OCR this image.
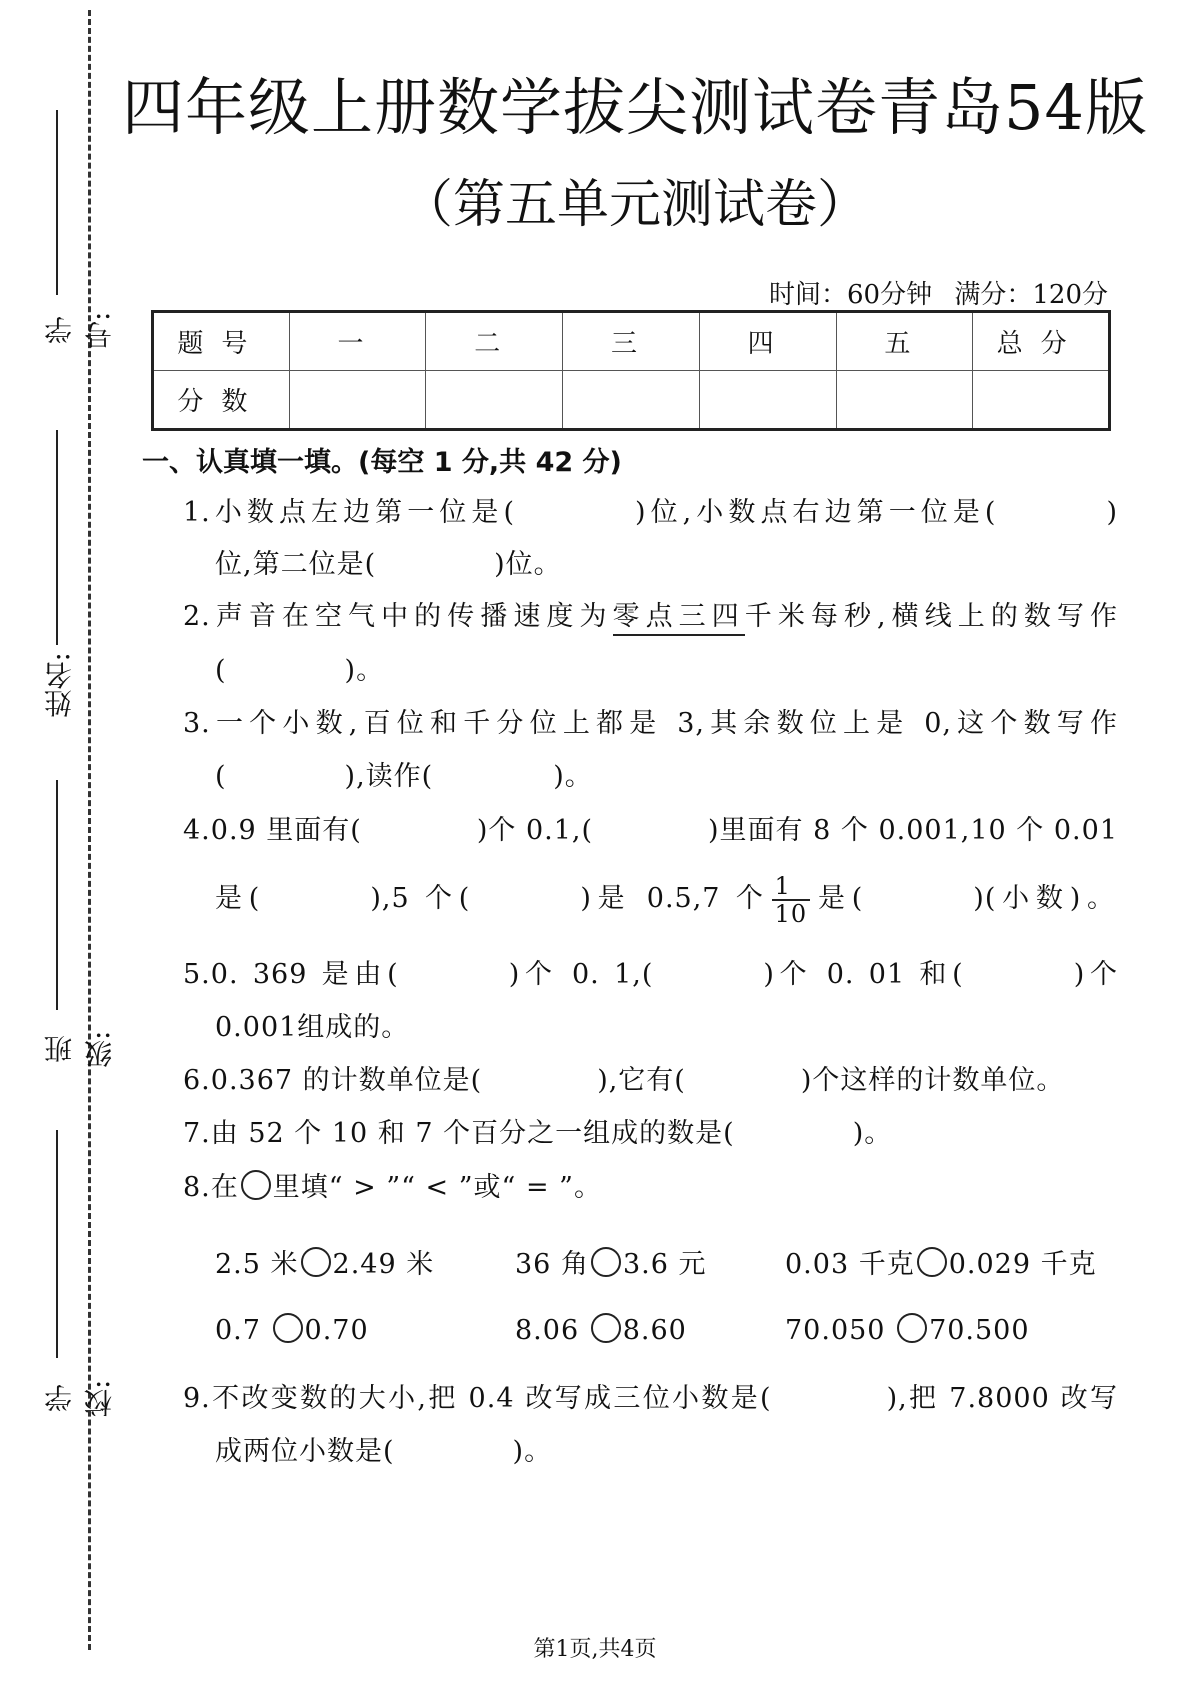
学号:
姓名:
班级:
学校:
四年级上册数学拔尖测试卷青岛54版
（第五单元测试卷）
时间：60分钟 满分：120分
题号	一	二	三	四	五	总分
分数						
一、认真填一填。(每空 1 分,共 42 分)
1.小数点左边第一位是(	)位,小数点右边第一位是(	)
位,第二位是(	)位。
2.声音在空气中的传播速度为零点三四千米每秒,横线上的数写作
(	)。
3.一个小数,百位和千分位上都是 3,其余数位上是 0,这个数写作
(	),读作(	)。
4.0.9 里面有(	)个 0.1,(	)里面有 8 个 0.001,10 个 0.01
是(	),5 个(	)是 0.5,7 个 $\frac{1}{10}$ 是(	)(小数)。
5.0. 369 是由(	)个 0. 1,(	)个 0. 01 和(	)个
0.001组成的。
6.0.367 的计数单位是(	),它有(	)个这样的计数单位。
7.由 52 个 10 和 7 个百分之一组成的数是(	)。
8.在 里填“ > ”“ < ”或“ = ”。
2.5 米 2.49 米	36 角 3.6 元	0.03 千克 0.029 千克
0.7 0.70	8.06 8.60	70.050 70.500
9.不改变数的大小,把 0.4 改写成三位小数是(	),把 7.8000 改写
成两位小数是(	)。
第1页,共4页
